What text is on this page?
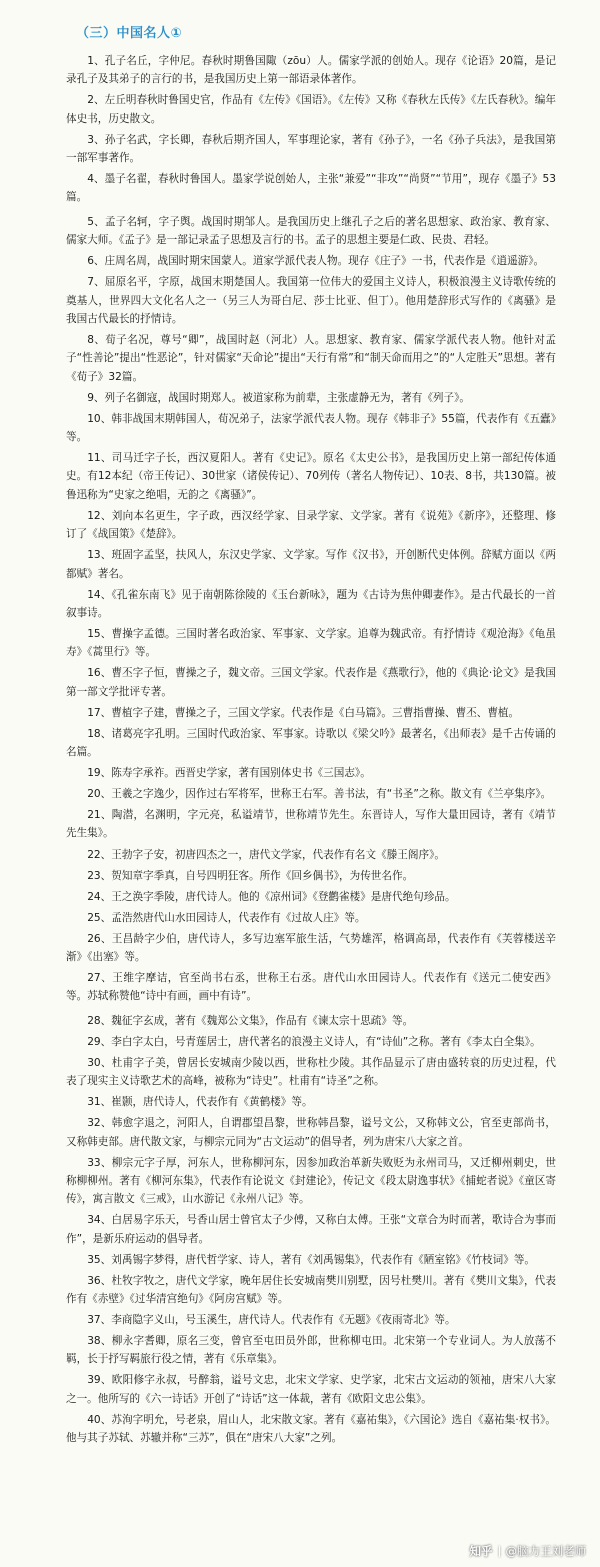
（三）中国名人①

1、孔子名丘，字仲尼。春秋时期鲁国陬（zōu）人。儒家学派的创始人。现存《论语》20篇，是记录孔子及其弟子的言行的书，是我国历史上第一部语录体著作。

2、左丘明春秋时鲁国史官，作品有《左传》《国语》。《左传》又称《春秋左氏传》《左氏春秋》。编年体史书，历史散文。

3、孙子名武，字长卿，春秋后期齐国人，军事理论家，著有《孙子》，一名《孙子兵法》，是我国第一部军事著作。

4、墨子名翟，春秋时鲁国人。墨家学说创始人，主张“兼爱”“非攻”“尚贤”“节用”，现存《墨子》53篇。

5、孟子名轲，字子舆。战国时期邹人。是我国历史上继孔子之后的著名思想家、政治家、教育家、儒家大师。《孟子》是一部记录孟子思想及言行的书。孟子的思想主要是仁政、民贵、君轻。

6、庄周名周，战国时期宋国蒙人。道家学派代表人物。现存《庄子》一书，代表作是《逍遥游》。

7、屈原名平，字原，战国末期楚国人。我国第一位伟大的爱国主义诗人，积极浪漫主义诗歌传统的奠基人，世界四大文化名人之一（另三人为哥白尼、莎士比亚、但丁）。他用楚辞形式写作的《离骚》是我国古代最长的抒情诗。

8、荀子名况，尊号“卿”，战国时赵（河北）人。思想家、教育家、儒家学派代表人物。他针对孟子“性善论”提出“性恶论”，针对儒家“天命论”提出“天行有常”和“制天命而用之”的“人定胜天”思想。著有《荀子》32篇。

9、列子名御寇，战国时期郑人。被道家称为前辈，主张虚静无为，著有《列子》。

10、韩非战国末期韩国人，荀况弟子，法家学派代表人物。现存《韩非子》55篇，代表作有《五蠹》等。

11、司马迁字子长，西汉夏阳人。著有《史记》。原名《太史公书》，是我国历史上第一部纪传体通史。有12本纪（帝王传记）、30世家（诸侯传记）、70列传（著名人物传记）、10表、8书，共130篇。被鲁迅称为“史家之绝唱，无韵之《离骚》”。

12、刘向本名更生，字子政，西汉经学家、目录学家、文学家。著有《说苑》《新序》，还整理、修订了《战国策》《楚辞》。

13、班固字孟坚，扶风人，东汉史学家、文学家。写作《汉书》，开创断代史体例。辞赋方面以《两都赋》著名。

14、《孔雀东南飞》见于南朝陈徐陵的《玉台新咏》，题为《古诗为焦仲卿妻作》。是古代最长的一首叙事诗。

15、曹操字孟德。三国时著名政治家、军事家、文学家。追尊为魏武帝。有抒情诗《观沧海》《龟虽寿》《蒿里行》等。

16、曹丕字子恒，曹操之子，魏文帝。三国文学家。代表作是《燕歌行》，他的《典论·论文》是我国第一部文学批评专著。

17、曹植字子建，曹操之子，三国文学家。代表作是《白马篇》。三曹指曹操、曹丕、曹植。

18、诸葛亮字孔明。三国时代政治家、军事家。诗歌以《梁父吟》最著名，《出师表》是千古传诵的名篇。

19、陈寿字承祚。西晋史学家，著有国别体史书《三国志》。

20、王羲之字逸少，因作过右军将军，世称王右军。善书法，有“书圣”之称。散文有《兰亭集序》。

21、陶潜，名渊明，字元亮，私谥靖节，世称靖节先生。东晋诗人，写作大量田园诗，著有《靖节先生集》。

22、王勃字子安，初唐四杰之一，唐代文学家，代表作有名文《滕王阁序》。

23、贺知章字季真，自号四明狂客。所作《回乡偶书》，为传世名作。

24、王之涣字季陵，唐代诗人。他的《凉州词》《登鹳雀楼》是唐代绝句珍品。

25、孟浩然唐代山水田园诗人，代表作有《过故人庄》等。

26、王昌龄字少伯，唐代诗人，多写边塞军旅生活，气势雄浑，格调高昂，代表作有《芙蓉楼送辛渐》《出塞》等。

27、王维字摩诘，官至尚书右丞，世称王右丞。唐代山水田园诗人。代表作有《送元二使安西》等。苏轼称赞他“诗中有画，画中有诗”。

28、魏征字玄成，著有《魏郑公文集》，作品有《谏太宗十思疏》等。

29、李白字太白，号青莲居士，唐代著名的浪漫主义诗人，有“诗仙”之称。著有《李太白全集》。

30、杜甫字子美，曾居长安城南少陵以西，世称杜少陵。其作品显示了唐由盛转衰的历史过程，代表了现实主义诗歌艺术的高峰，被称为“诗史”。杜甫有“诗圣”之称。

31、崔颢，唐代诗人，代表作有《黄鹤楼》等。

32、韩愈字退之，河阳人，自谓郡望昌黎，世称韩昌黎，谥号文公，又称韩文公，官至吏部尚书，又称韩吏部。唐代散文家，与柳宗元同为“古文运动”的倡导者，列为唐宋八大家之首。

33、柳宗元字子厚，河东人，世称柳河东，因参加政治革新失败贬为永州司马，又迁柳州刺史，世称柳柳州。著有《柳河东集》，代表作有论说文《封建论》，传记文《段太尉逸事状》《捕蛇者说》《童区寄传》，寓言散文《三戒》，山水游记《永州八记》等。

34、白居易字乐天，号香山居士曾官太子少傅，又称白太傅。王张“文章合为时而著，歌诗合为事而作”，是新乐府运动的倡导者。

35、刘禹锡字梦得，唐代哲学家、诗人，著有《刘禹锡集》，代表作有《陋室铭》《竹枝词》等。

36、杜牧字牧之，唐代文学家，晚年居住长安城南樊川别墅，因号杜樊川。著有《樊川文集》，代表作有《赤壁》《过华清宫绝句》《阿房宫赋》等。

37、李商隐字义山，号玉溪生，唐代诗人。代表作有《无题》《夜雨寄北》等。

38、柳永字耆卿，原名三变，曾官至屯田员外郎，世称柳屯田。北宋第一个专业词人。为人放荡不羁，长于抒写羁旅行役之情，著有《乐章集》。

39、欧阳修字永叔，号醉翁，谥号文忠，北宋文学家、史学家，北宋古文运动的领袖，唐宋八大家之一。他所写的《六一诗话》开创了“诗话”这一体裁，著有《欧阳文忠公集》。

40、苏洵字明允，号老泉，眉山人，北宋散文家。著有《嘉祐集》，《六国论》选自《嘉祐集·权书》。他与其子苏轼、苏辙并称“三苏”，俱在“唐宋八大家”之列。

知乎 @脑力王刘老师
